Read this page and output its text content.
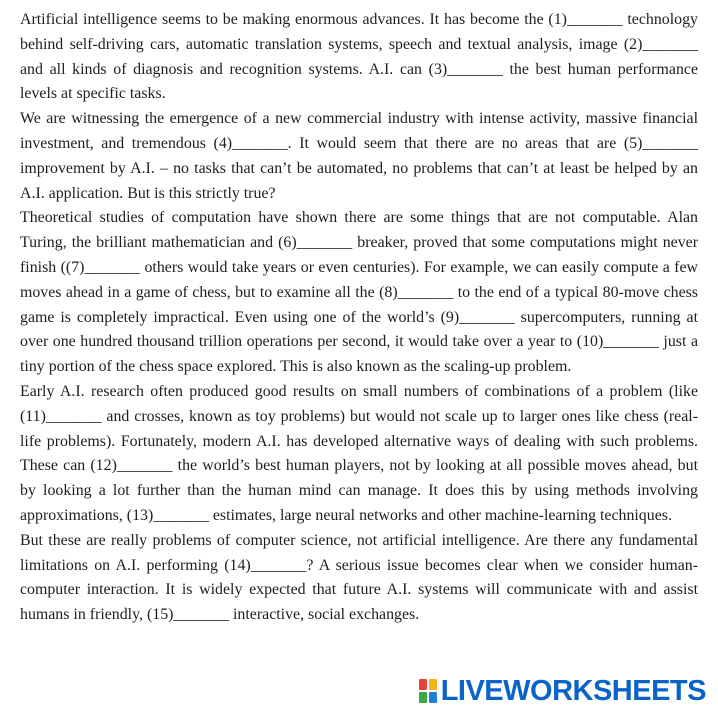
Artificial intelligence seems to be making enormous advances. It has become the (1)_______ technology behind self-driving cars, automatic translation systems, speech and textual analysis, image (2)_______ and all kinds of diagnosis and recognition systems. A.I. can (3)_______ the best human performance levels at specific tasks.

We are witnessing the emergence of a new commercial industry with intense activity, massive financial investment, and tremendous (4)_______. It would seem that there are no areas that are (5)_______ improvement by A.I. – no tasks that can’t be automated, no problems that can’t at least be helped by an A.I. application. But is this strictly true?

Theoretical studies of computation have shown there are some things that are not computable. Alan Turing, the brilliant mathematician and (6)_______ breaker, proved that some computations might never finish ((7)_______ others would take years or even centuries). For example, we can easily compute a few moves ahead in a game of chess, but to examine all the (8)_______ to the end of a typical 80-move chess game is completely impractical. Even using one of the world’s (9)_______ supercomputers, running at over one hundred thousand trillion operations per second, it would take over a year to (10)_______ just a tiny portion of the chess space explored. This is also known as the scaling-up problem.

Early A.I. research often produced good results on small numbers of combinations of a problem (like (11)_______ and crosses, known as toy problems) but would not scale up to larger ones like chess (real-life problems). Fortunately, modern A.I. has developed alternative ways of dealing with such problems. These can (12)_______ the world’s best human players, not by looking at all possible moves ahead, but by looking a lot further than the human mind can manage. It does this by using methods involving approximations, (13)_______ estimates, large neural networks and other machine-learning techniques.

But these are really problems of computer science, not artificial intelligence. Are there any fundamental limitations on A.I. performing (14)_______? A serious issue becomes clear when we consider human-computer interaction. It is widely expected that future A.I. systems will communicate with and assist humans in friendly, (15)_______ interactive, social exchanges.

LIVEWORKSHEETS
